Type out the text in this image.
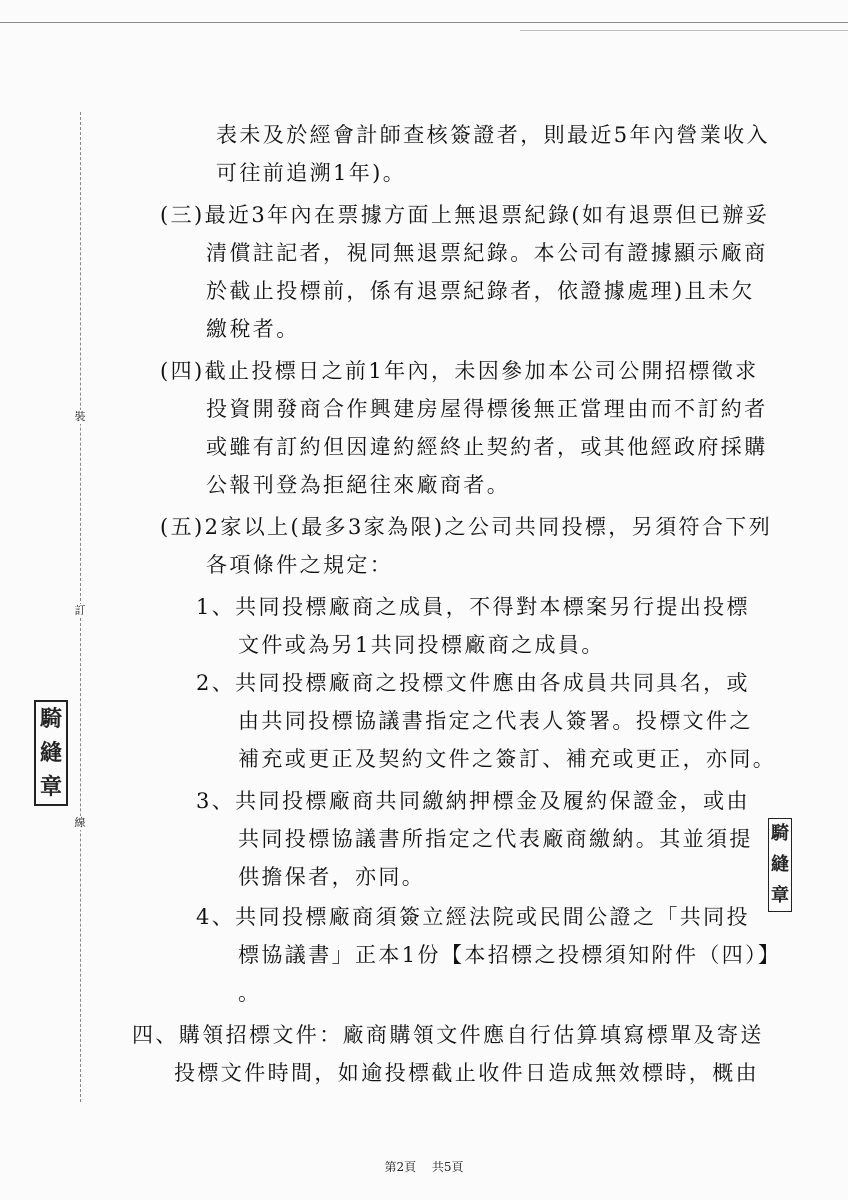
裝
訂
線
騎
縫
章
騎
縫
章
表未及於經會計師查核簽證者，則最近5年內營業收入
可往前追溯1年)。
(三)最近3年內在票據方面上無退票紀錄(如有退票但已辦妥
清償註記者，視同無退票紀錄。本公司有證據顯示廠商
於截止投標前，係有退票紀錄者，依證據處理)且未欠
繳稅者。
(四)截止投標日之前1年內，未因參加本公司公開招標徵求
投資開發商合作興建房屋得標後無正當理由而不訂約者
或雖有訂約但因違約經終止契約者，或其他經政府採購
公報刊登為拒絕往來廠商者。
(五)2家以上(最多3家為限)之公司共同投標，另須符合下列
各項條件之規定：
1、共同投標廠商之成員，不得對本標案另行提出投標
文件或為另1共同投標廠商之成員。
2、共同投標廠商之投標文件應由各成員共同具名，或
由共同投標協議書指定之代表人簽署。投標文件之
補充或更正及契約文件之簽訂、補充或更正，亦同。
3、共同投標廠商共同繳納押標金及履約保證金，或由
共同投標協議書所指定之代表廠商繳納。其並須提
供擔保者，亦同。
4、共同投標廠商須簽立經法院或民間公證之「共同投
標協議書」正本1份【本招標之投標須知附件（四）】
。
四、購領招標文件：廠商購領文件應自行估算填寫標單及寄送
投標文件時間，如逾投標截止收件日造成無效標時，概由
第2頁 共5頁
